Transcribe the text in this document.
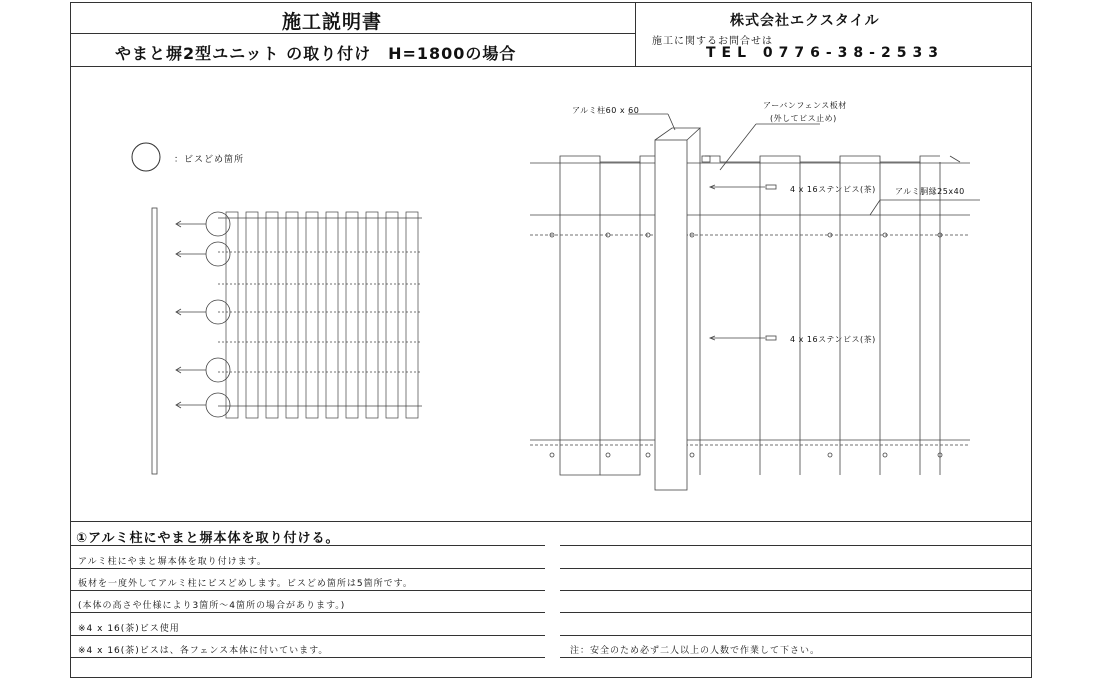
施工説明書
やまと塀2型ユニット の取り付け　H=1800の場合
株式会社エクスタイル
施工に関するお問合せは
TEL 0776-38-2533
：ビスどめ箇所
アルミ柱60 x 60
アーバンフェンス板材
(外してビス止め)
4 x 16ステンビス(茶) アルミ胴縁25x40
4 x 16ステンビス(茶)
①アルミ柱にやまと塀本体を取り付ける。
アルミ柱にやまと塀本体を取り付けます。
板材を一度外してアルミ柱にビスどめします。ビスどめ箇所は5箇所です。
(本体の高さや仕様により3箇所～4箇所の場合があります。)
※4 x 16(茶)ビス使用
※4 x 16(茶)ビスは、各フェンス本体に付いています。	注：安全のため必ず二人以上の人数で作業して下さい。
